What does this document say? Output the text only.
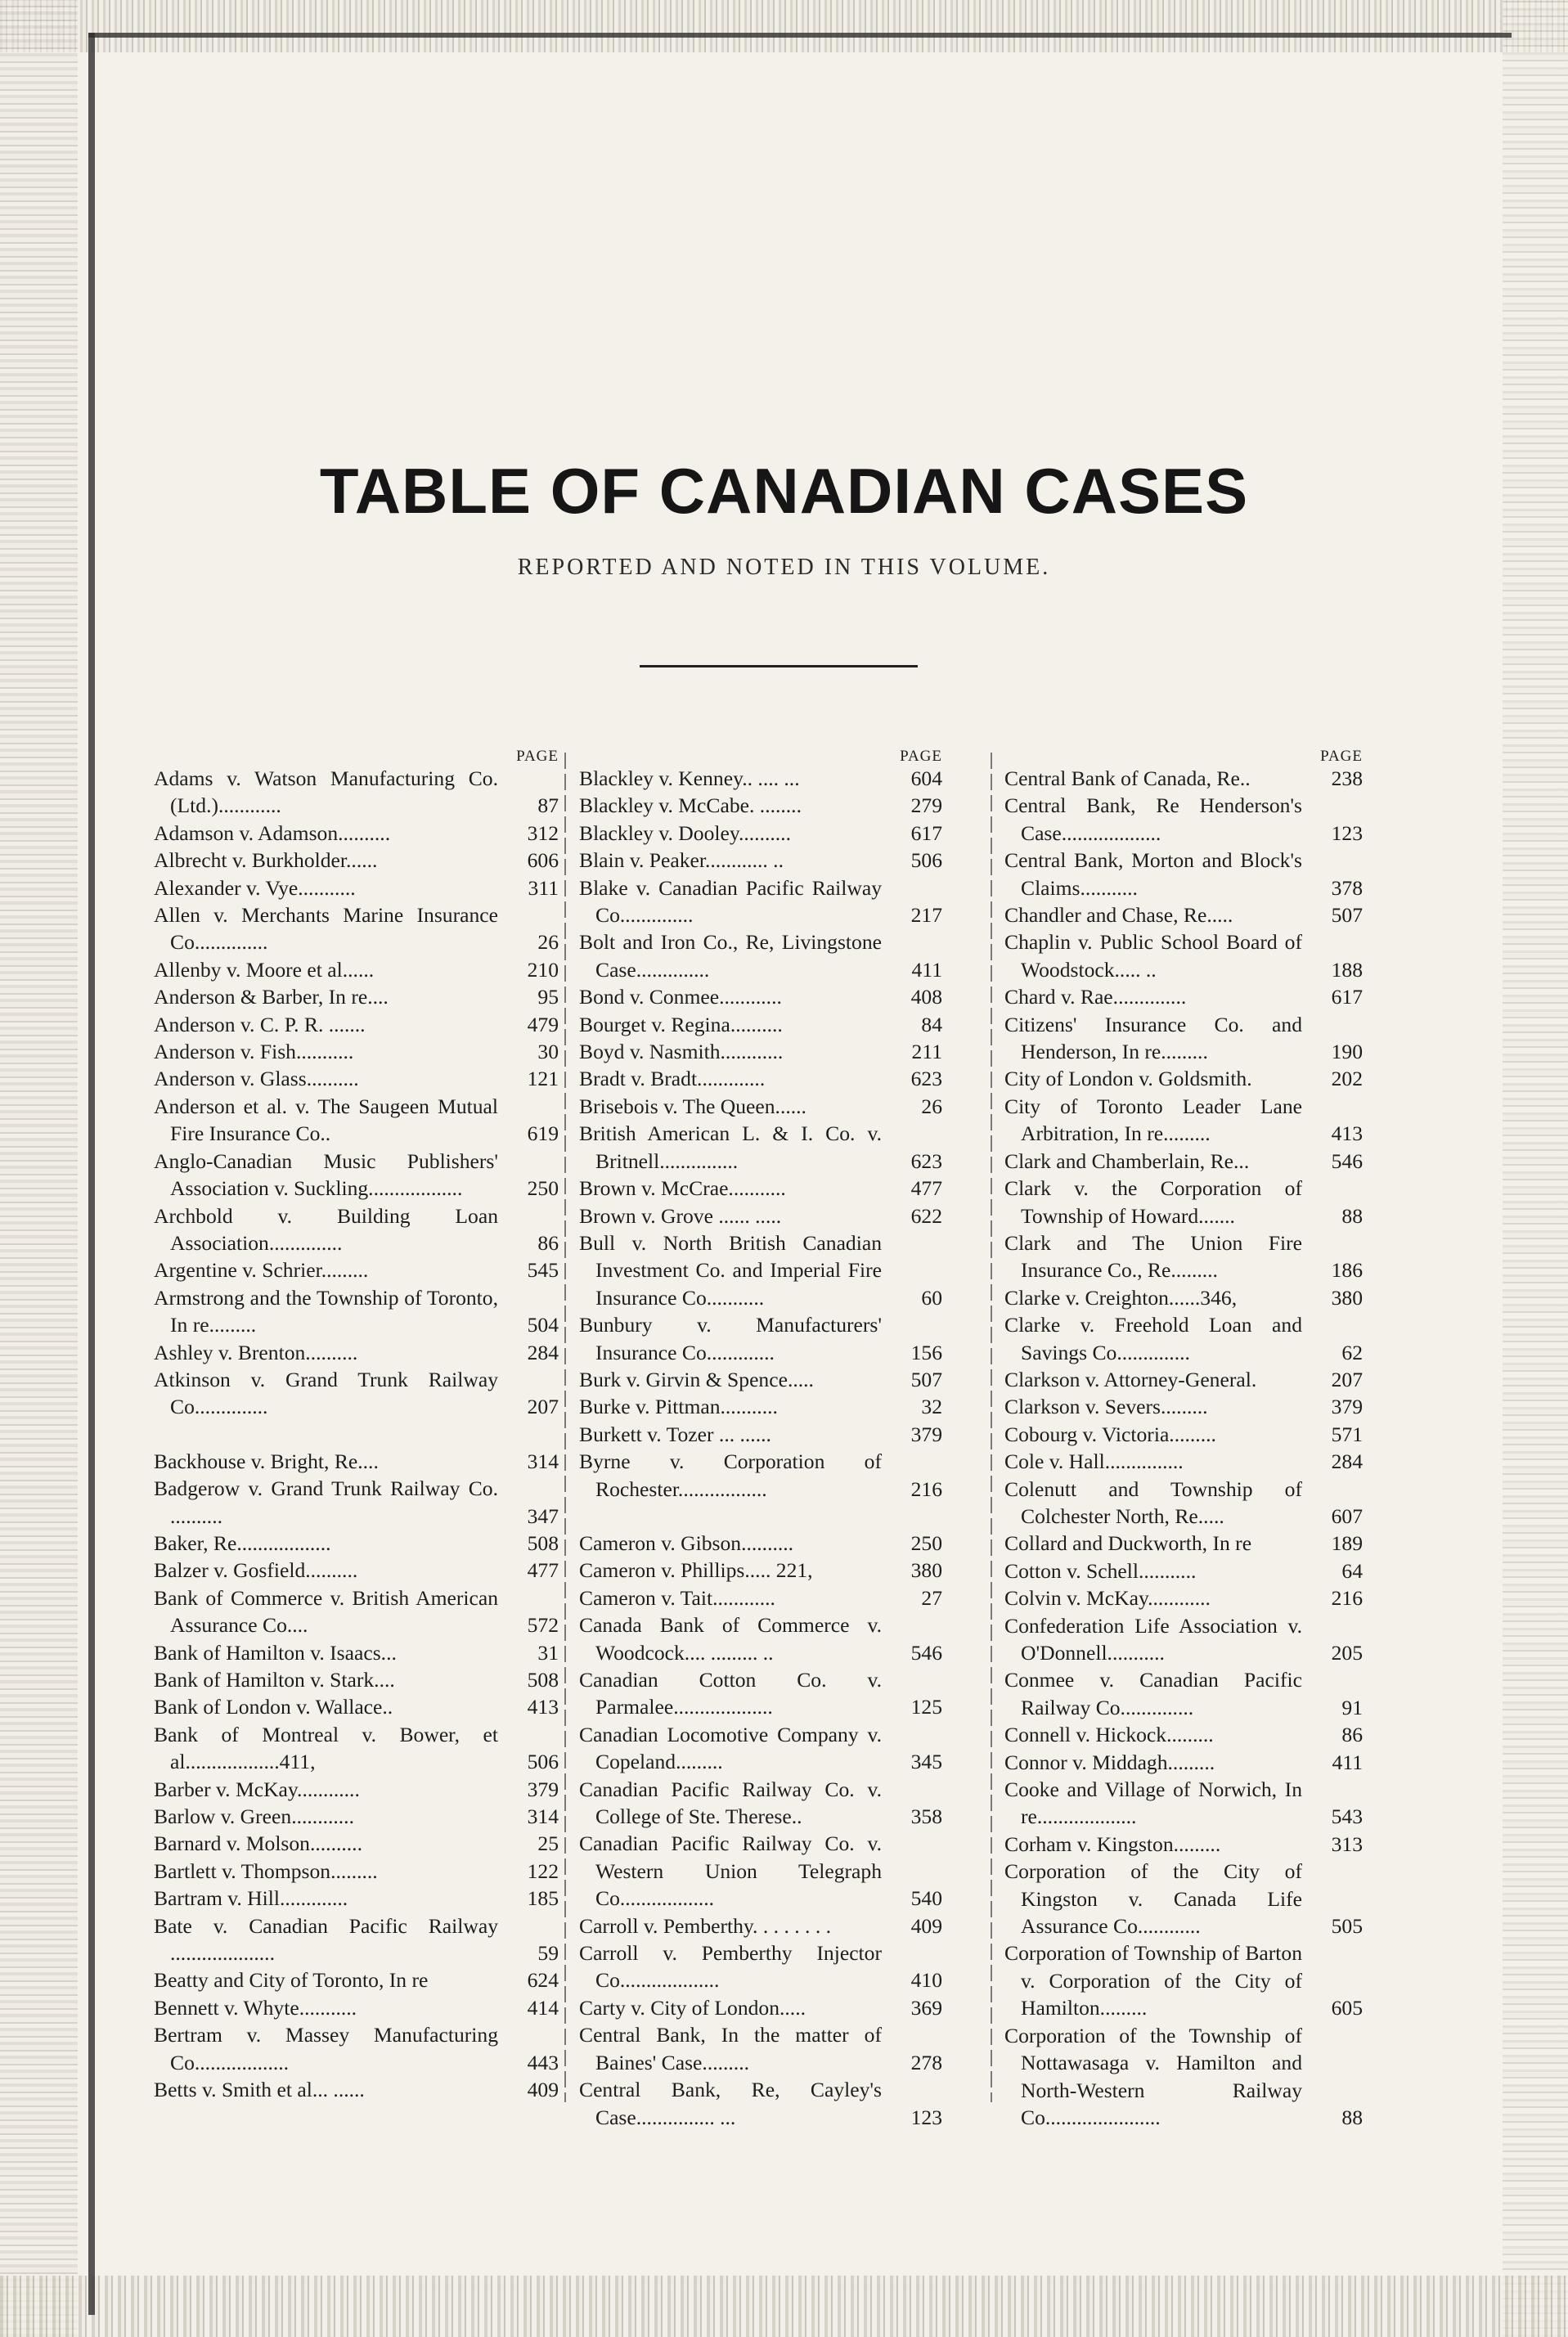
TABLE OF CANADIAN CASES
REPORTED AND NOTED IN THIS VOLUME.
PAGE
Adams v. Watson Manufacturing Co. (Ltd.)............	87
Adamson v. Adamson..........	312
Albrecht v. Burkholder......	606
Alexander v. Vye...........	311
Allen v. Merchants Marine Insurance Co..............	26
Allenby v. Moore et al......	210
Anderson & Barber, In re....	95
Anderson v. C. P. R. .......	479
Anderson v. Fish...........	30
Anderson v. Glass..........	121
Anderson et al. v. The Saugeen Mutual Fire Insurance Co..	619
Anglo-Canadian Music Publishers' Association v. Suckling..................	250
Archbold v. Building Loan Association..............	86
Argentine v. Schrier.........	545
Armstrong and the Township of Toronto, In re.........	504
Ashley v. Brenton..........	284
Atkinson v. Grand Trunk Railway Co..............	207
Backhouse v. Bright, Re....	314
Badgerow v. Grand Trunk Railway Co. ..........	347
Baker, Re..................	508
Balzer v. Gosfield..........	477
Bank of Commerce v. British American Assurance Co....	572
Bank of Hamilton v. Isaacs...	31
Bank of Hamilton v. Stark....	508
Bank of London v. Wallace..	413
Bank of Montreal v. Bower, et al..................411,	506
Barber v. McKay............	379
Barlow v. Green............	314
Barnard v. Molson..........	25
Bartlett v. Thompson.........	122
Bartram v. Hill.............	185
Bate v. Canadian Pacific Railway ....................	59
Beatty and City of Toronto, In re	624
Bennett v. Whyte...........	414
Bertram v. Massey Manufacturing Co..................	443
Betts v. Smith et al... ......	409
PAGE
Blackley v. Kenney.. .... ...	604
Blackley v. McCabe. ........	279
Blackley v. Dooley..........	617
Blain v. Peaker............ ..	506
Blake v. Canadian Pacific Railway Co..............	217
Bolt and Iron Co., Re, Livingstone Case..............	411
Bond v. Conmee............	408
Bourget v. Regina..........	84
Boyd v. Nasmith............	211
Bradt v. Bradt.............	623
Brisebois v. The Queen......	26
British American L. & I. Co. v. Britnell...............	623
Brown v. McCrae...........	477
Brown v. Grove ...... .....	622
Bull v. North British Canadian Investment Co. and Imperial Fire Insurance Co...........	60
Bunbury v. Manufacturers' Insurance Co.............	156
Burk v. Girvin & Spence.....	507
Burke v. Pittman...........	32
Burkett v. Tozer ... ......	379
Byrne v. Corporation of Rochester.................	216
Cameron v. Gibson..........	250
Cameron v. Phillips..... 221,	380
Cameron v. Tait............	27
Canada Bank of Commerce v. Woodcock.... ......... ..	546
Canadian Cotton Co. v. Parmalee...................	125
Canadian Locomotive Company v. Copeland.........	345
Canadian Pacific Railway Co. v. College of Ste. Therese..	358
Canadian Pacific Railway Co. v. Western Union Telegraph Co..................	540
Carroll v. Pemberthy. . . . . . . .	409
Carroll v. Pemberthy Injector Co...................	410
Carty v. City of London.....	369
Central Bank, In the matter of Baines' Case.........	278
Central Bank, Re, Cayley's Case............... ...	123
PAGE
Central Bank of Canada, Re..	238
Central Bank, Re Henderson's Case...................	123
Central Bank, Morton and Block's Claims...........	378
Chandler and Chase, Re.....	507
Chaplin v. Public School Board of Woodstock..... ..	188
Chard v. Rae..............	617
Citizens' Insurance Co. and Henderson, In re.........	190
City of London v. Goldsmith.	202
City of Toronto Leader Lane Arbitration, In re.........	413
Clark and Chamberlain, Re...	546
Clark v. the Corporation of Township of Howard.......	88
Clark and The Union Fire Insurance Co., Re.........	186
Clarke v. Creighton......346,	380
Clarke v. Freehold Loan and Savings Co..............	62
Clarkson v. Attorney-General.	207
Clarkson v. Severs.........	379
Cobourg v. Victoria.........	571
Cole v. Hall...............	284
Colenutt and Township of Colchester North, Re.....	607
Collard and Duckworth, In re	189
Cotton v. Schell...........	64
Colvin v. McKay............	216
Confederation Life Association v. O'Donnell...........	205
Conmee v. Canadian Pacific Railway Co..............	91
Connell v. Hickock.........	86
Connor v. Middagh.........	411
Cooke and Village of Norwich, In re...................	543
Corham v. Kingston.........	313
Corporation of the City of Kingston v. Canada Life Assurance Co............	505
Corporation of Township of Barton v. Corporation of the City of Hamilton.........	605
Corporation of the Township of Nottawasaga v. Hamilton and North-Western Railway Co......................	88
